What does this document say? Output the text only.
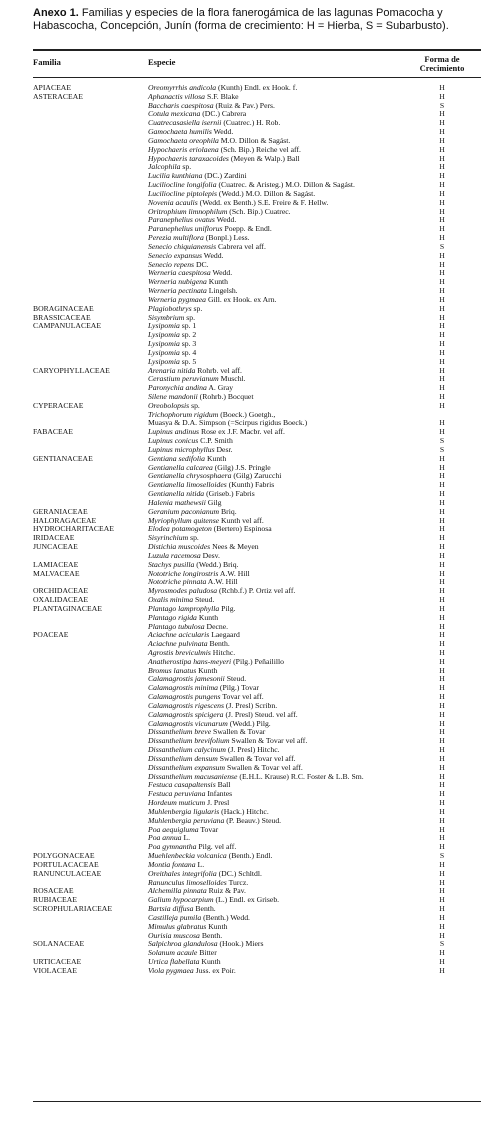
Anexo 1. Familias y especies de la flora fanerogámica de las lagunas Pomacocha y Habascocha, Concepción, Junín (forma de crecimiento: H = Hierba, S = Subarbusto).
Familia	Especie	Forma de
Crecimiento
APIACEAE	Oreomyrrhis andicola (Kunth) Endl. ex Hook. f.	H
ASTERACEAE	Aphanactis villosa S.F. Blake	H
Baccharis caespitosa (Ruiz & Pav.) Pers.	S
Cotula mexicana (DC.) Cabrera	H
Cuatrecasasiella isernii (Cuatrec.) H. Rob.	H
Gamochaeta humilis Wedd.	H
Gamochaeta oreophila M.O. Dillon & Sagást.	H
Hypochaeris eriolaena (Sch. Bip.) Reiche vel aff.	H
Hypochaeris taraxacoides (Meyen & Walp.) Ball	H
Jalcophila sp.	H
Lucilia kunthiana (DC.) Zardini	H
Luciliocline longifolia (Cuatrec. & Aristeg.) M.O. Dillon & Sagást.	H
Luciliocline piptolepis (Wedd.) M.O. Dillon & Sagást.	H
Novenia acaulis (Wedd. ex Benth.) S.E. Freire & F. Hellw.	H
Oritrophium limnophilum (Sch. Bip.) Cuatrec.	H
Paranephelius ovatus Wedd.	H
Paranephelius uniflorus Poepp. & Endl.	H
Perezia multiflora (Bonpl.) Less.	H
Senecio chiquianensis Cabrera vel aff.	S
Senecio expansus Wedd.	H
Senecio repens DC.	H
Werneria caespitosa Wedd.	H
Werneria nubigena Kunth	H
Werneria pectinata Lingelsh.	H
Werneria pygmaea Gill. ex Hook. ex Arn.	H
BORAGINACEAE	Plagiobothrys sp.	H
BRASSICACEAE	Sisymbrium sp.	H
CAMPANULACEAE	Lysipomia sp. 1	H
Lysipomia sp. 2	H
Lysipomia sp. 3	H
Lysipomia sp. 4	H
Lysipomia sp. 5	H
CARYOPHYLLACEAE	Arenaria nitida Rohrb. vel aff.	H
Cerastium peruvianum Muschl.	H
Paronychia andina A. Gray	H
Silene mandonii (Rohrb.) Bocquet	H
CYPERACEAE	Oreobolopsis sp.	H
Trichophorum rigidum (Boeck.) Goetgh.,
Muasya & D.A. Simpson (=Scirpus rigidus Boeck.)	H
FABACEAE	Lupinus andinus Rose ex J.F. Macbr. vel aff.	H
Lupinus conicus C.P. Smith	S
Lupinus microphyllus Desr.	S
GENTIANACEAE	Gentiana sedifolia Kunth	H
Gentianella calcarea (Gilg) J.S. Pringle	H
Gentianella chrysosphaera (Gilg) Zarucchi	H
Gentianella limoselloides (Kunth) Fabris	H
Gentianella nitida (Griseb.) Fabris	H
Halenia mathewsii Gilg	H
GERANIACEAE	Geranium paconianum Briq.	H
HALORAGACEAE	Myriophyllum quitense Kunth vel aff.	H
HYDROCHARITACEAE	Elodea potamogeton (Bertero) Espinosa	H
IRIDACEAE	Sisyrinchium sp.	H
JUNCACEAE	Distichia muscoides Nees & Meyen	H
Luzula racemosa Desv.	H
LAMIACEAE	Stachys pusilla (Wedd.) Briq.	H
MALVACEAE	Nototriche longirostris A.W. Hill	H
Nototriche pinnata A.W. Hill	H
ORCHIDACEAE	Myrosmodes paludosa (Rchb.f.) P. Ortiz vel aff.	H
OXALIDACEAE	Oxalis minima Steud.	H
PLANTAGINACEAE	Plantago lamprophylla Pilg.	H
Plantago rigida Kunth	H
Plantago tubulosa Decne.	H
POACEAE	Aciachne acicularis Laegaard	H
Aciachne pulvinata Benth.	H
Agrostis breviculmis Hitchc.	H
Anatherostipa hans-meyeri (Pilg.) Peñailillo	H
Bromus lanatus Kunth	H
Calamagrostis jamesonii Steud.	H
Calamagrostis minima (Pilg.) Tovar	H
Calamagrostis pungens Tovar vel aff.	H
Calamagrostis rigescens (J. Presl) Scribn.	H
Calamagrostis spicigera (J. Presl) Steud. vel aff.	H
Calamagrostis vicunarum (Wedd.) Pilg.	H
Dissanthelium breve Swallen & Tovar	H
Dissanthelium brevifolium Swallen & Tovar vel aff.	H
Dissanthelium calycinum (J. Presl) Hitchc.	H
Dissanthelium densum Swallen & Tovar vel aff.	H
Dissanthelium expansum Swallen & Tovar vel aff.	H
Dissanthelium macusaniense (E.H.L. Krause) R.C. Foster & L.B. Sm.	H
Festuca casapaltensis Ball	H
Festuca peruviana Infantes	H
Hordeum muticum J. Presl	H
Muhlenbergia ligularis (Hack.) Hitchc.	H
Muhlenbergia peruviana (P. Beauv.) Steud.	H
Poa aequigluma Tovar	H
Poa annua L.	H
Poa gymnantha Pilg. vel aff.	H
POLYGONACEAE	Muehlenbeckia volcanica (Benth.) Endl.	S
PORTULACACEAE	Montia fontana L.	H
RANUNCULACEAE	Oreithales integrifolia (DC.) Schltdl.	H
Ranunculus limoselloides Turcz.	H
ROSACEAE	Alchemilla pinnata Ruiz & Pav.	H
RUBIACEAE	Galium hypocarpium (L.) Endl. ex Griseb.	H
SCROPHULARIACEAE	Bartsia diffusa Benth.	H
Castilleja pumila (Benth.) Wedd.	H
Mimulus glabratus Kunth	H
Ourisia muscosa Benth.	H
SOLANACEAE	Salpichroa glandulosa (Hook.) Miers	S
Solanum acaule Bitter	H
URTICACEAE	Urtica flabellata Kunth	H
VIOLACEAE	Viola pygmaea Juss. ex Poir.	H
